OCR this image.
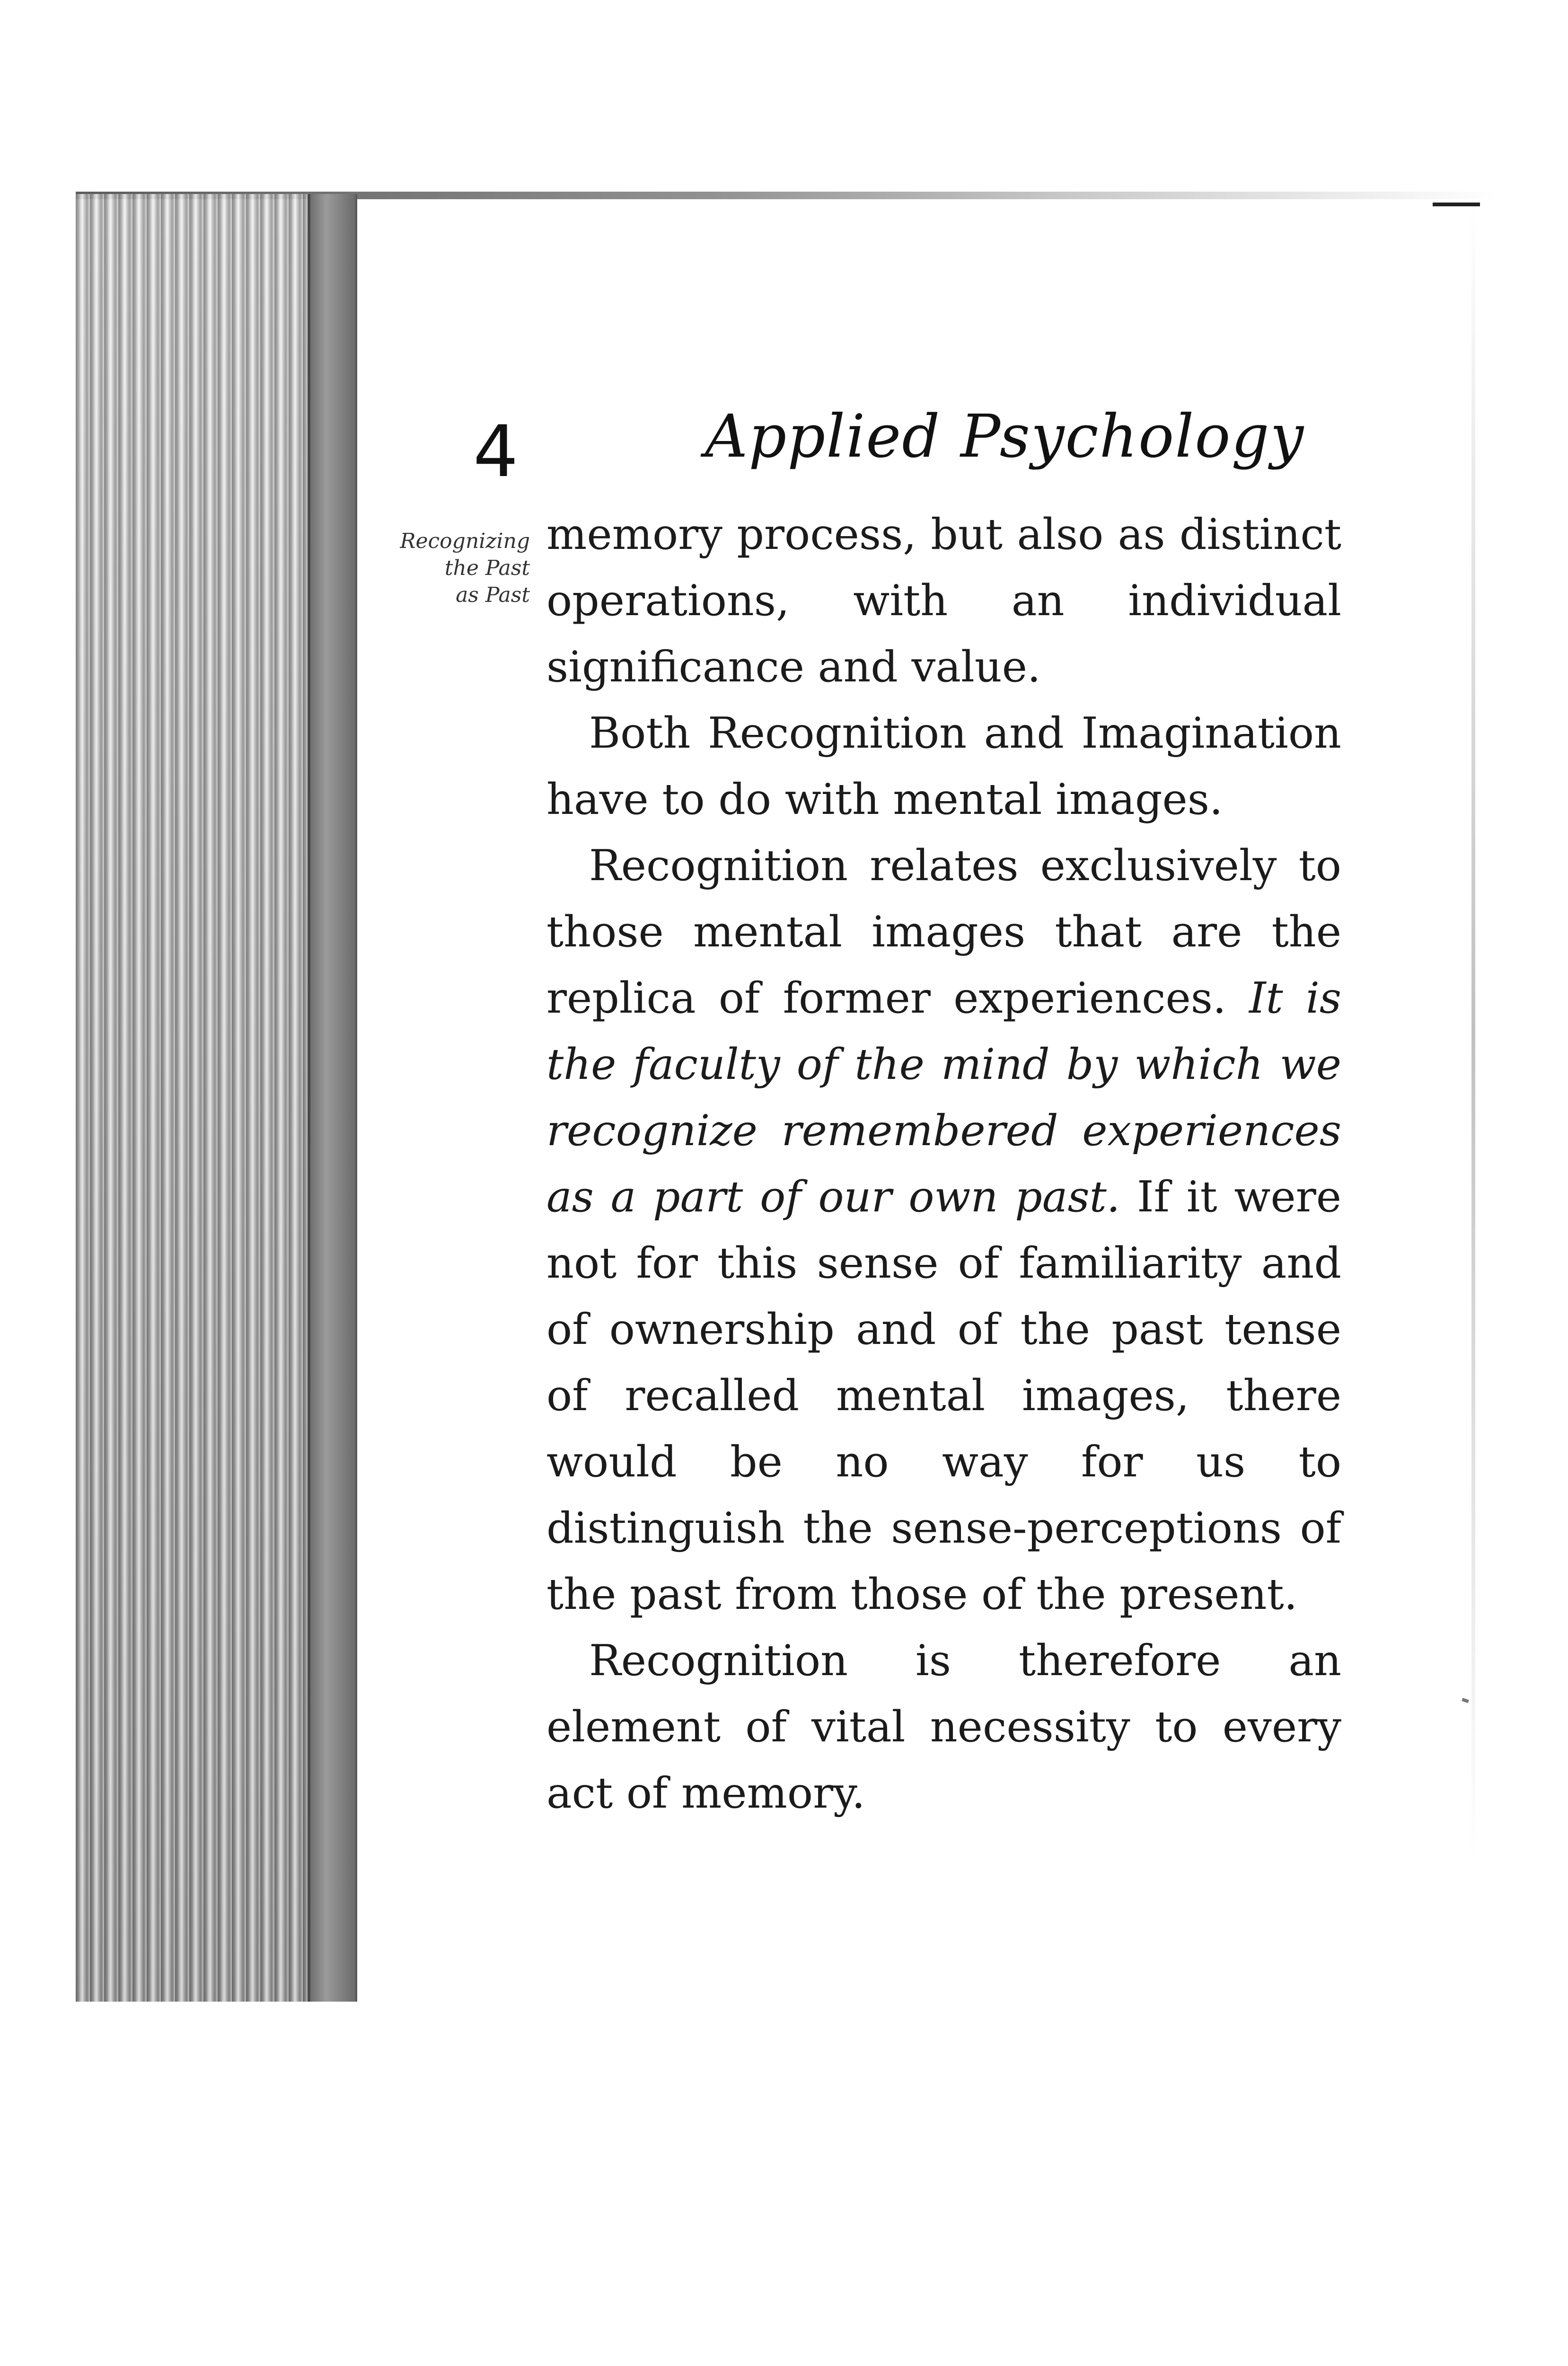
4	Applied Psychology
Recognizing
the Past
as Past

memory process, but also as distinct operations, with an individual significance and value.

Both Recognition and Imagination have to do with mental images.

Recognition relates exclusively to those mental images that are the replica of former experiences. It is the faculty of the mind by which we recognize remembered experiences as a part of our own past. If it were not for this sense of familiarity and of ownership and of the past tense of recalled mental images, there would be no way for us to distinguish the sense-perceptions of the past from those of the present.

Recognition is therefore an element of vital necessity to every act of memory.
